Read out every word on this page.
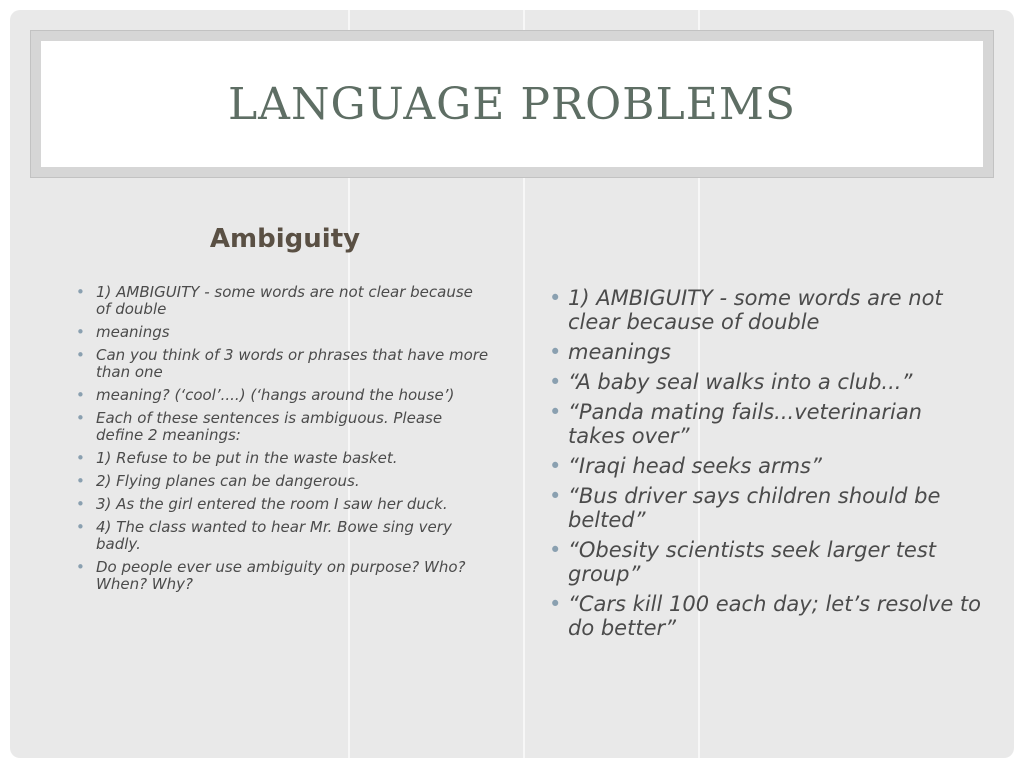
LANGUAGE PROBLEMS
Ambiguity
• 1) AMBIGUITY - some words are not clear because of double
• meanings
• Can you think of 3 words or phrases that have more than one
• meaning? (‘cool’....) (‘hangs around the house’)
• Each of these sentences is ambiguous. Please define 2 meanings:
• 1) Refuse to be put in the waste basket.
• 2) Flying planes can be dangerous.
• 3) As the girl entered the room I saw her duck.
• 4) The class wanted to hear Mr. Bowe sing very badly.
• Do people ever use ambiguity on purpose? Who? When? Why?
• 1) AMBIGUITY - some words are not clear because of double
• meanings
• “A baby seal walks into a club...”
• “Panda mating fails...veterinarian takes over”
• “Iraqi head seeks arms”
• “Bus driver says children should be belted”
• “Obesity scientists seek larger test group”
• “Cars kill 100 each day; let’s resolve to do better”
